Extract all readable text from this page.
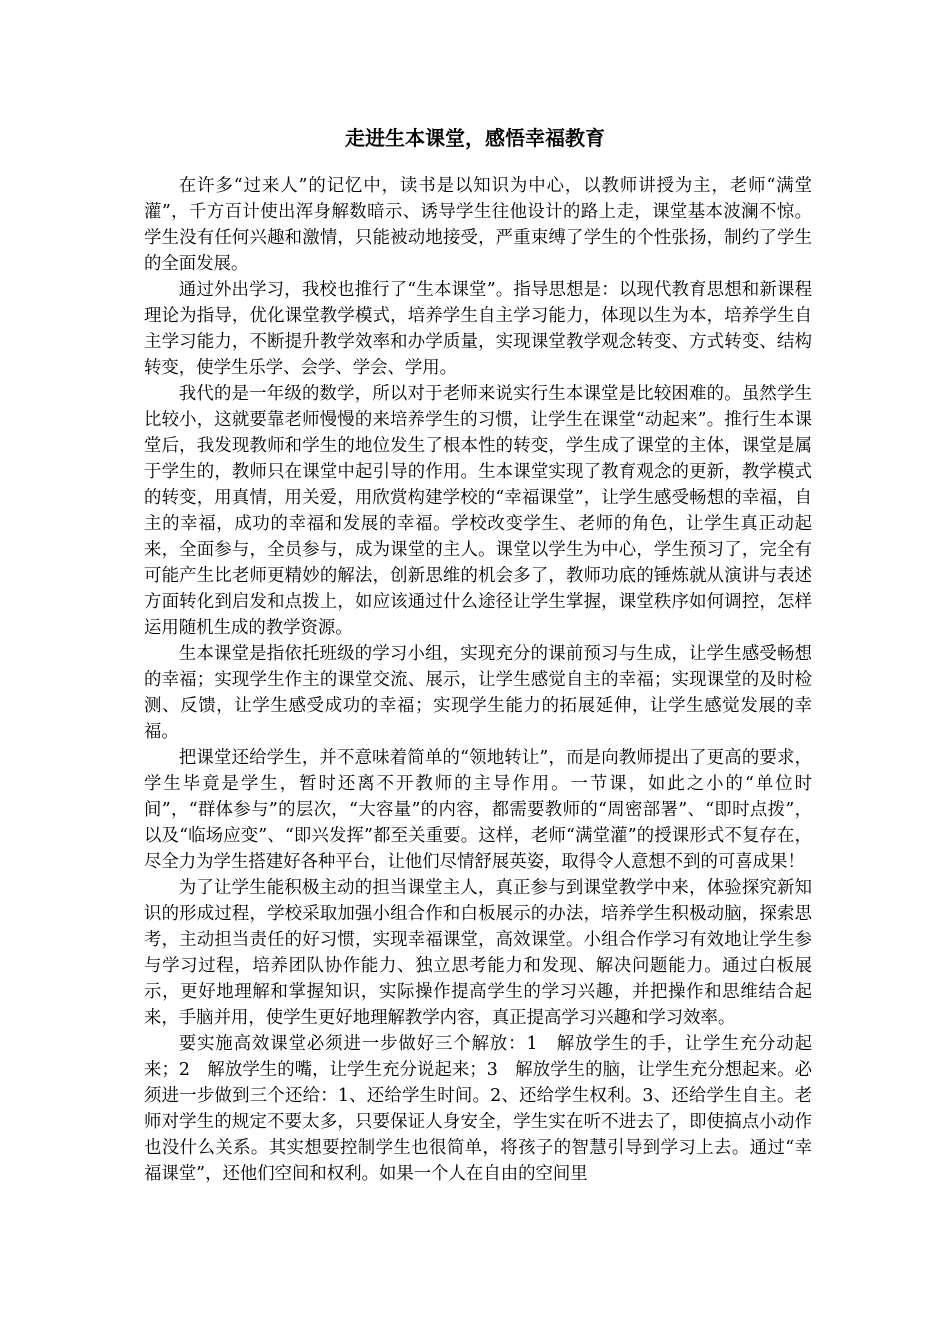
走进生本课堂，感悟幸福教育

在许多“过来人”的记忆中，读书是以知识为中心，以教师讲授为主，老师“满堂灌”，千方百计使出浑身解数暗示、诱导学生往他设计的路上走，课堂基本波澜不惊。学生没有任何兴趣和激情，只能被动地接受，严重束缚了学生的个性张扬，制约了学生的全面发展。

通过外出学习，我校也推行了“生本课堂”。指导思想是：以现代教育思想和新课程理论为指导，优化课堂教学模式，培养学生自主学习能力，体现以生为本，培养学生自主学习能力，不断提升教学效率和办学质量，实现课堂教学观念转变、方式转变、结构转变，使学生乐学、会学、学会、学用。

我代的是一年级的数学，所以对于老师来说实行生本课堂是比较困难的。虽然学生比较小，这就要靠老师慢慢的来培养学生的习惯，让学生在课堂“动起来”。推行生本课堂后，我发现教师和学生的地位发生了根本性的转变，学生成了课堂的主体，课堂是属于学生的，教师只在课堂中起引导的作用。生本课堂实现了教育观念的更新，教学模式的转变，用真情，用关爱，用欣赏构建学校的“幸福课堂”，让学生感受畅想的幸福，自主的幸福，成功的幸福和发展的幸福。学校改变学生、老师的角色，让学生真正动起来，全面参与，全员参与，成为课堂的主人。课堂以学生为中心，学生预习了，完全有可能产生比老师更精妙的解法，创新思维的机会多了，教师功底的锤炼就从演讲与表述方面转化到启发和点拨上，如应该通过什么途径让学生掌握，课堂秩序如何调控，怎样运用随机生成的教学资源。

生本课堂是指依托班级的学习小组，实现充分的课前预习与生成，让学生感受畅想的幸福；实现学生作主的课堂交流、展示，让学生感觉自主的幸福；实现课堂的及时检测、反馈，让学生感受成功的幸福；实现学生能力的拓展延伸，让学生感觉发展的幸福。

把课堂还给学生，并不意味着简单的“领地转让”，而是向教师提出了更高的要求，学生毕竟是学生，暂时还离不开教师的主导作用。一节课，如此之小的“单位时间”，“群体参与”的层次，“大容量”的内容，都需要教师的“周密部署”、“即时点拨”，以及“临场应变”、“即兴发挥”都至关重要。这样，老师“满堂灌”的授课形式不复存在，尽全力为学生搭建好各种平台，让他们尽情舒展英姿，取得令人意想不到的可喜成果！

为了让学生能积极主动的担当课堂主人，真正参与到课堂教学中来，体验探究新知识的形成过程，学校采取加强小组合作和白板展示的办法，培养学生积极动脑，探索思考，主动担当责任的好习惯，实现幸福课堂，高效课堂。小组合作学习有效地让学生参与学习过程，培养团队协作能力、独立思考能力和发现、解决问题能力。通过白板展示，更好地理解和掌握知识，实际操作提高学生的学习兴趣，并把操作和思维结合起来，手脑并用，使学生更好地理解教学内容，真正提高学习兴趣和学习效率。

要实施高效课堂必须进一步做好三个解放：1　解放学生的手，让学生充分动起来；2　解放学生的嘴，让学生充分说起来；3　解放学生的脑，让学生充分想起来。必须进一步做到三个还给：1、还给学生时间。2、还给学生权利。3、还给学生自主。老师对学生的规定不要太多，只要保证人身安全，学生实在听不进去了，即使搞点小动作也没什么关系。其实想要控制学生也很简单，将孩子的智慧引导到学习上去。通过“幸福课堂”，还他们空间和权利。如果一个人在自由的空间里
